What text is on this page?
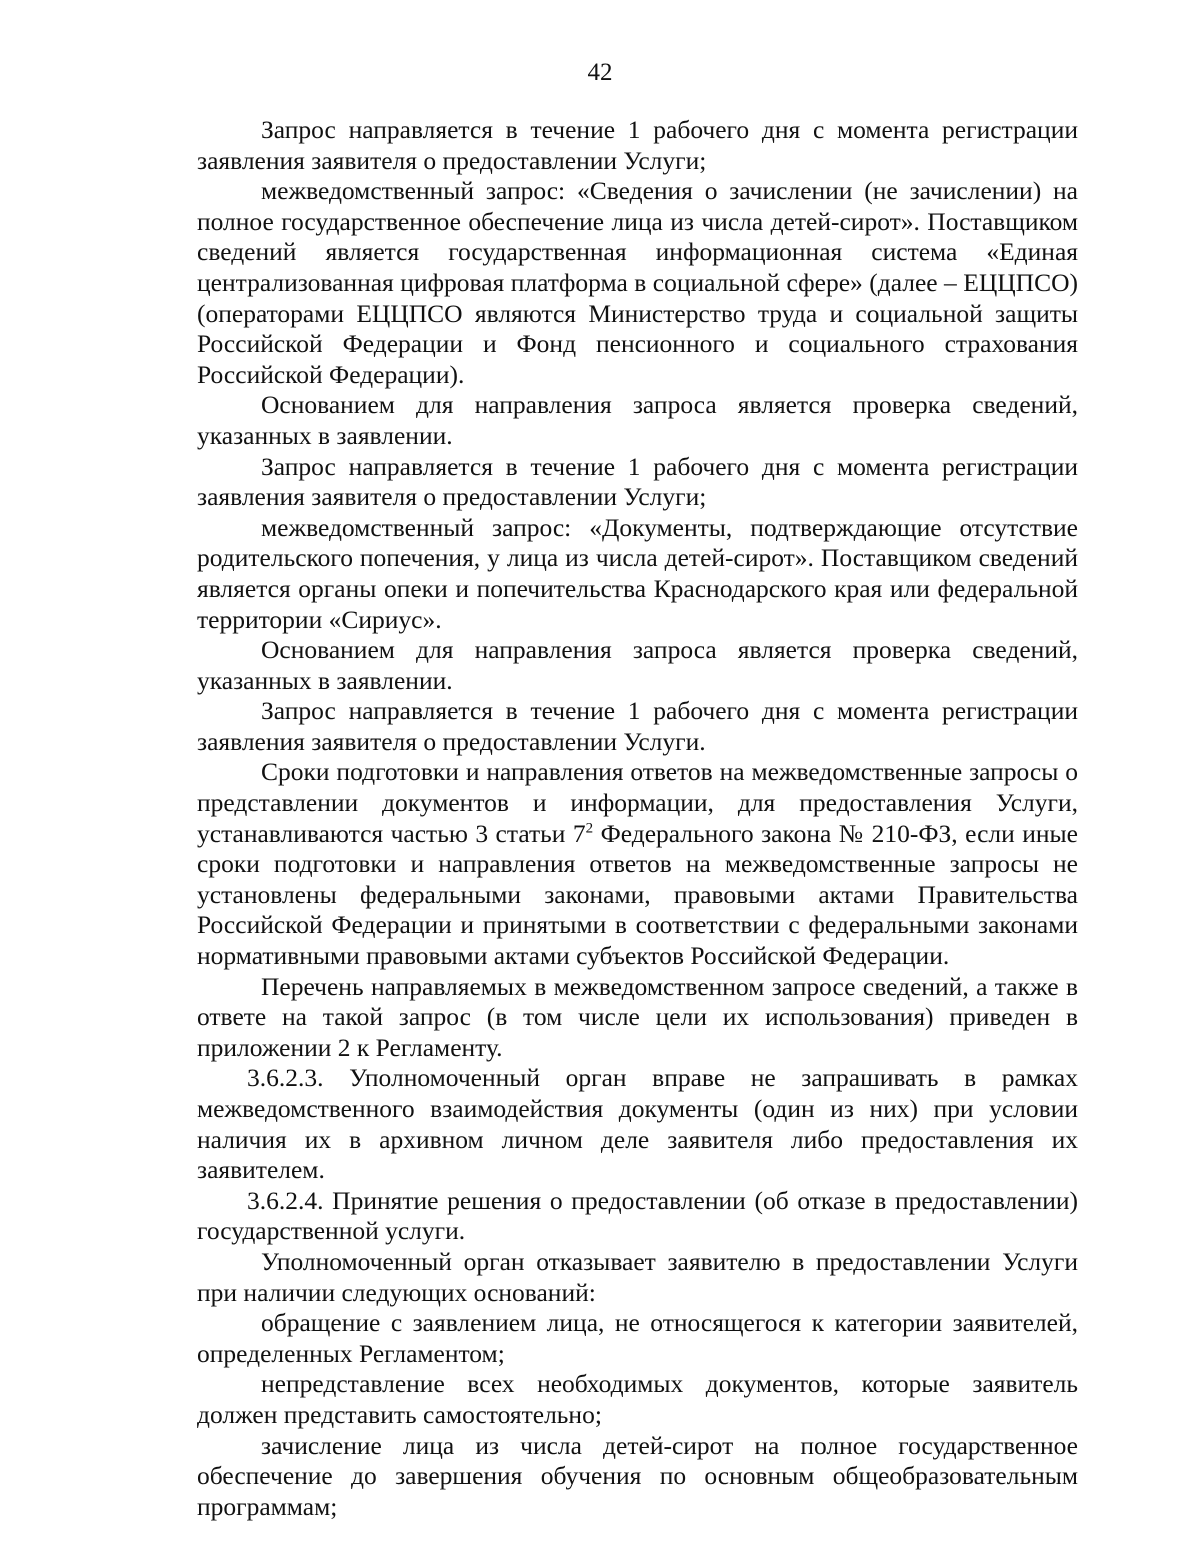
42

Запрос направляется в течение 1 рабочего дня с момента регистрации заявления заявителя о предоставлении Услуги;

межведомственный запрос: «Сведения о зачислении (не зачислении) на полное государственное обеспечение лица из числа детей-сирот». Поставщиком сведений является государственная информационная система «Единая централизованная цифровая платформа в социальной сфере» (далее – ЕЦЦПСО) (операторами ЕЦЦПСО являются Министерство труда и социальной защиты Российской Федерации и Фонд пенсионного и социального страхования Российской Федерации).

Основанием для направления запроса является проверка сведений, указанных в заявлении.

Запрос направляется в течение 1 рабочего дня с момента регистрации заявления заявителя о предоставлении Услуги;

межведомственный запрос: «Документы, подтверждающие отсутствие родительского попечения, у лица из числа детей-сирот». Поставщиком сведений является органы опеки и попечительства Краснодарского края или федеральной территории «Сириус».

Основанием для направления запроса является проверка сведений, указанных в заявлении.

Запрос направляется в течение 1 рабочего дня с момента регистрации заявления заявителя о предоставлении Услуги.

Сроки подготовки и направления ответов на межведомственные запросы о представлении документов и информации, для предоставления Услуги, устанавливаются частью 3 статьи $7^2$ Федерального закона № 210-ФЗ, если иные сроки подготовки и направления ответов на межведомственные запросы не установлены федеральными законами, правовыми актами Правительства Российской Федерации и принятыми в соответствии с федеральными законами нормативными правовыми актами субъектов Российской Федерации.

Перечень направляемых в межведомственном запросе сведений, а также в ответе на такой запрос (в том числе цели их использования) приведен в приложении 2 к Регламенту.

3.6.2.3. Уполномоченный орган вправе не запрашивать в рамках межведомственного взаимодействия документы (один из них) при условии наличия их в архивном личном деле заявителя либо предоставления их заявителем.

3.6.2.4. Принятие решения о предоставлении (об отказе в предоставлении) государственной услуги.

Уполномоченный орган отказывает заявителю в предоставлении Услуги при наличии следующих оснований:

обращение с заявлением лица, не относящегося к категории заявителей, определенных Регламентом;

непредставление всех необходимых документов, которые заявитель должен представить самостоятельно;

зачисление лица из числа детей-сирот на полное государственное обеспечение до завершения обучения по основным общеобразовательным программам;
